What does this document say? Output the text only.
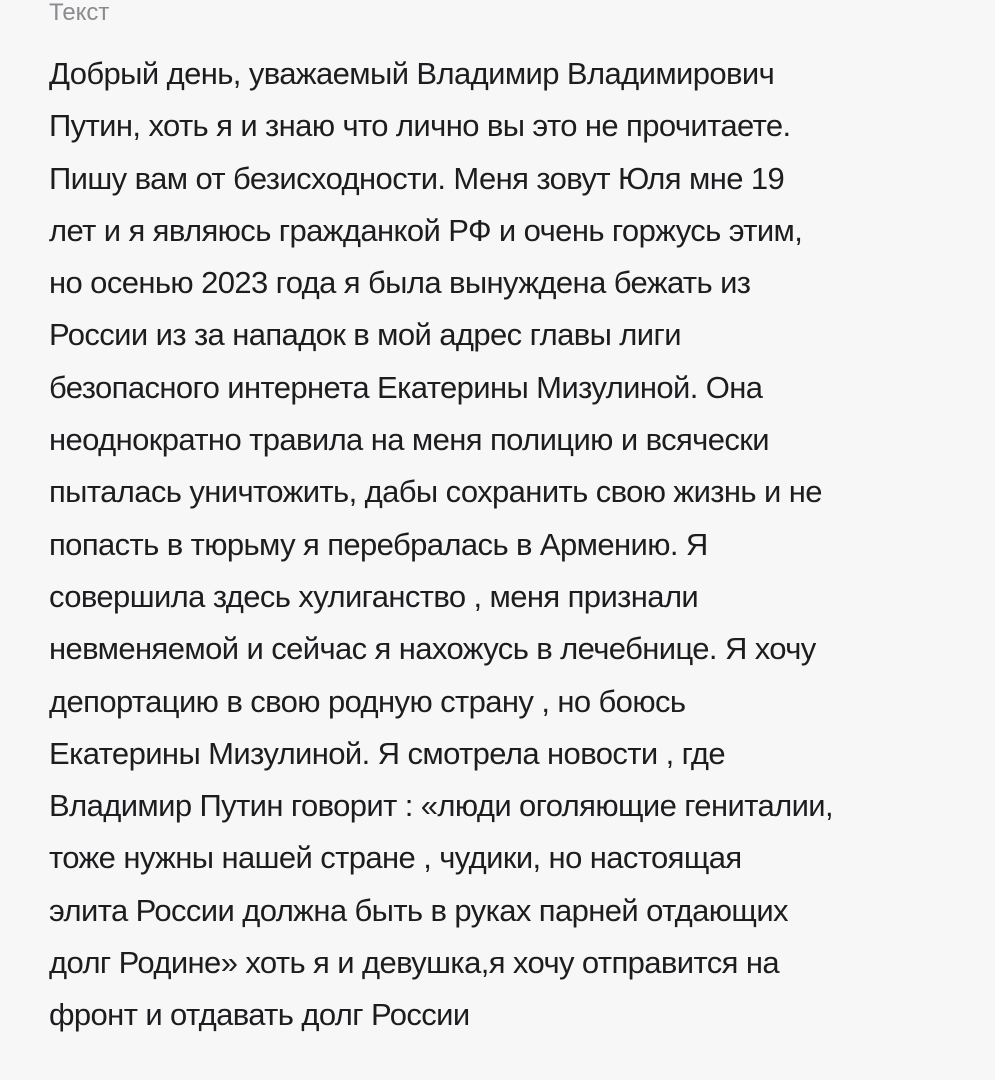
Текст
Добрый день, уважаемый Владимир Владимирович
Путин, хоть я и знаю что лично вы это не прочитаете.
Пишу вам от безисходности. Меня зовут Юля мне 19
лет и я являюсь гражданкой РФ и очень горжусь этим,
но осенью 2023 года я была вынуждена бежать из
России из за нападок в мой адрес главы лиги
безопасного интернета Екатерины Мизулиной. Она
неоднократно травила на меня полицию и всячески
пыталась уничтожить, дабы сохранить свою жизнь и не
попасть в тюрьму я перебралась в Армению. Я
совершила здесь хулиганство , меня признали
невменяемой и сейчас я нахожусь в лечебнице. Я хочу
депортацию в свою родную страну , но боюсь
Екатерины Мизулиной. Я смотрела новости , где
Владимир Путин говорит : «люди оголяющие гениталии,
тоже нужны нашей стране , чудики, но настоящая
элита России должна быть в руках парней отдающих
долг Родине» хоть я и девушка,я хочу отправится на
фронт и отдавать долг России
